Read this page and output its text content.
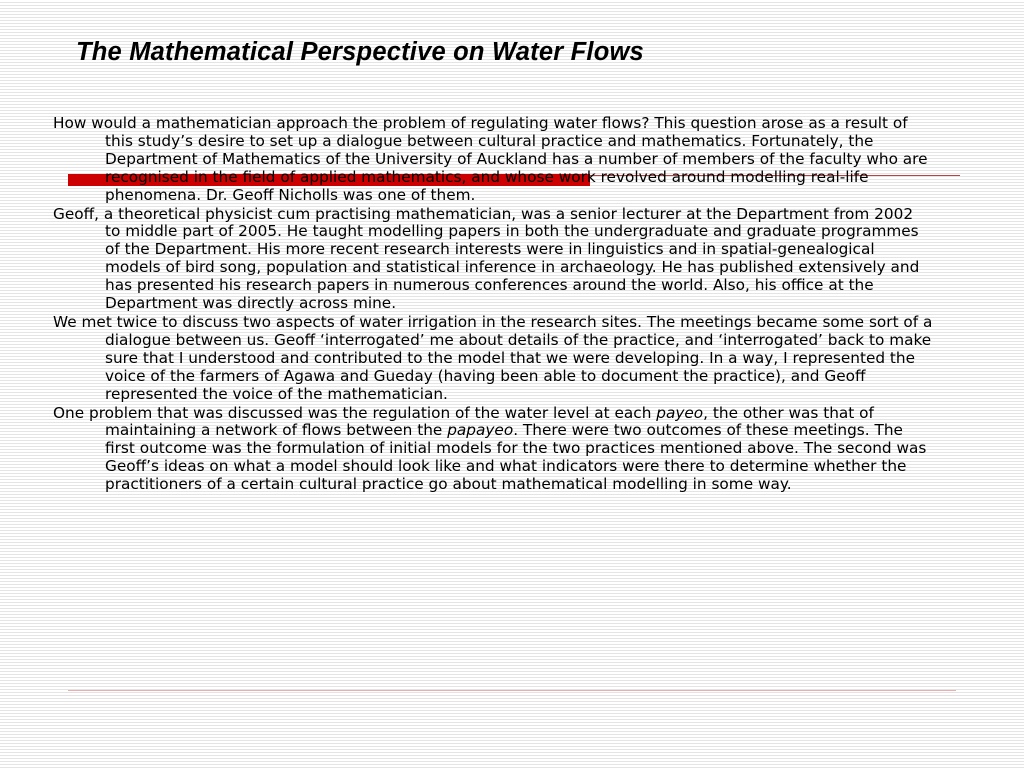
The Mathematical Perspective on Water Flows

How would a mathematician approach the problem of regulating water flows? This question arose as a result of this study’s desire to set up a dialogue between cultural practice and mathematics. Fortunately, the Department of Mathematics of the University of Auckland has a number of members of the faculty who are recognised in the field of applied mathematics, and whose work revolved around modelling real-life phenomena. Dr. Geoff Nicholls was one of them.

Geoff, a theoretical physicist cum practising mathematician, was a senior lecturer at the Department from 2002 to middle part of 2005. He taught modelling papers in both the undergraduate and graduate programmes of the Department. His more recent research interests were in linguistics and in spatial-genealogical models of bird song, population and statistical inference in archaeology. He has published extensively and has presented his research papers in numerous conferences around the world. Also, his office at the Department was directly across mine.

We met twice to discuss two aspects of water irrigation in the research sites. The meetings became some sort of a dialogue between us. Geoff ‘interrogated’ me about details of the practice, and ‘interrogated’ back to make sure that I understood and contributed to the model that we were developing. In a way, I represented the voice of the farmers of Agawa and Gueday (having been able to document the practice), and Geoff represented the voice of the mathematician.

One problem that was discussed was the regulation of the water level at each payeo, the other was that of maintaining a network of flows between the papayeo. There were two outcomes of these meetings. The first outcome was the formulation of initial models for the two practices mentioned above. The second was Geoff’s ideas on what a model should look like and what indicators were there to determine whether the practitioners of a certain cultural practice go about mathematical modelling in some way.
